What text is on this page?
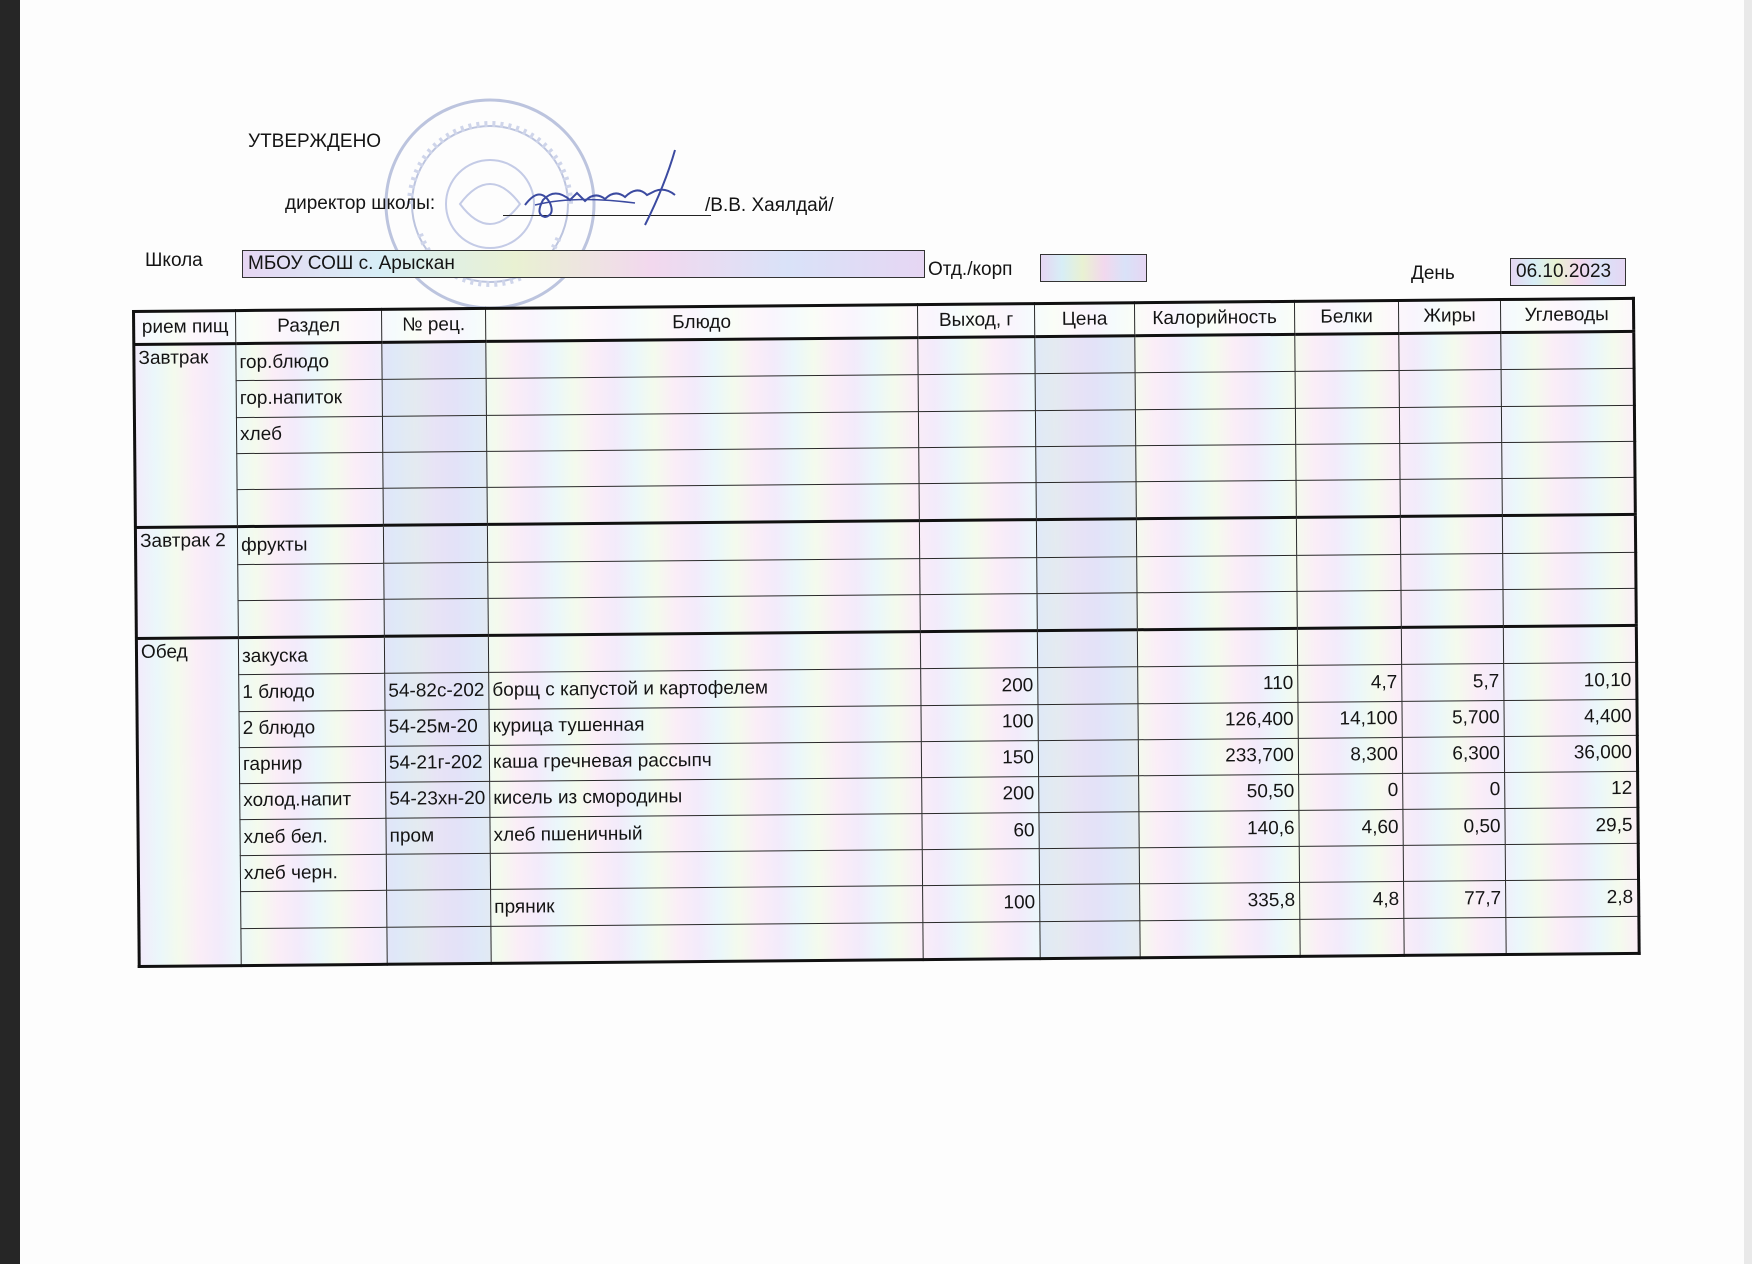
УТВЕРЖДЕНО
директор школы:	/В.В. Хаялдай/
Школа	МБОУ СОШ с. Арыскан	Отд./корп	День	06.10.2023
рием пищ	Раздел	№ рец.	Блюдо	Выход, г	Цена	Калорийность	Белки	Жиры	Углеводы
Завтрак	гор.блюдо								
	гор.напиток								
	хлеб								

Завтрак 2	фрукты								

Обед	закуска								
	1 блюдо	54-82с-202	борщ с капустой и картофелем	200		110	4,7	5,7	10,10
	2 блюдо	54-25м-20	курица тушенная	100		126,400	14,100	5,700	4,400
	гарнир	54-21г-202	каша гречневая рассыпч	150		233,700	8,300	6,300	36,000
	холод.напит	54-23хн-20	кисель из смородины	200		50,50	0	0	12
	хлеб бел.	пром	хлеб пшеничный	60		140,6	4,60	0,50	29,5
	хлеб черн.								
			пряник	100		335,8	4,8	77,7	2,8
